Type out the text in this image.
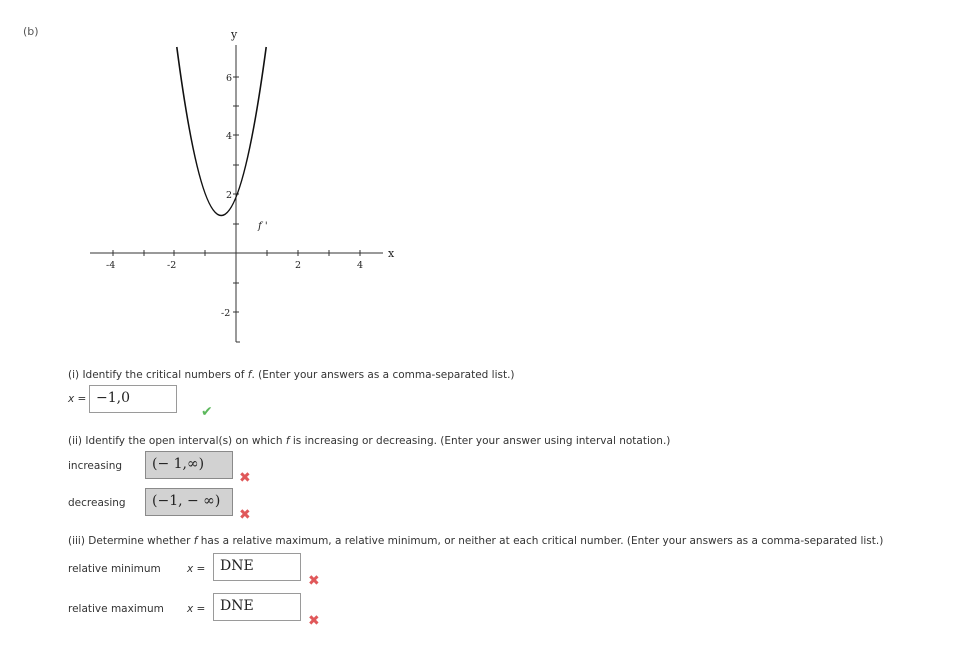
(b)	y
x
f '
-4	-2	2	4
6
4
2
-2
(i) Identify the critical numbers of f. (Enter your answers as a comma-separated list.)
x = −1,0
✔
(ii) Identify the open interval(s) on which f is increasing or decreasing. (Enter your answer using interval notation.)
increasing	(− 1,∞)
✖
decreasing	(−1, − ∞)
✖
(iii) Determine whether f has a relative maximum, a relative minimum, or neither at each critical number. (Enter your answers as a comma-separated list.)
relative minimum x =	DNE
✖
relative maximum x =	DNE
✖
